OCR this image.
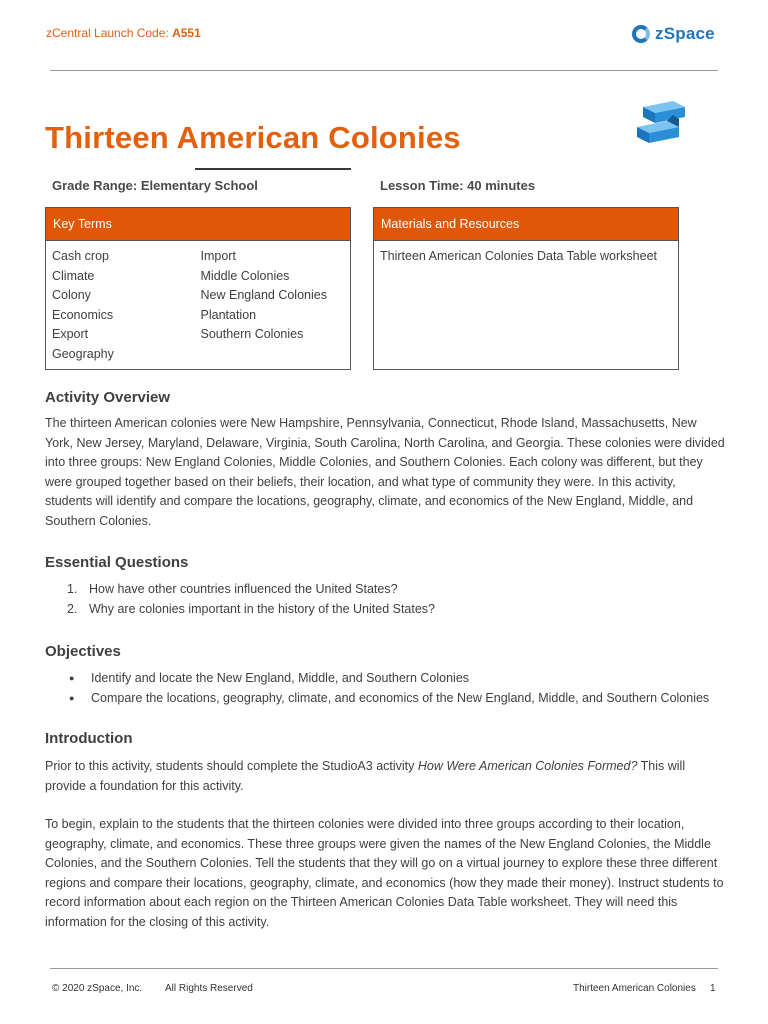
zCentral Launch Code: A551	zSpace
Thirteen American Colonies
Grade Range: Elementary School	Lesson Time: 40 minutes
Key Terms
Cash crop
Climate
Colony
Economics
Export
Geography
Import
Middle Colonies
New England Colonies
Plantation
Southern Colonies
Materials and Resources
Thirteen American Colonies Data Table worksheet
Activity Overview

The thirteen American colonies were New Hampshire, Pennsylvania, Connecticut, Rhode Island, Massachusetts, New York, New Jersey, Maryland, Delaware, Virginia, South Carolina, North Carolina, and Georgia. These colonies were divided into three groups: New England Colonies, Middle Colonies, and Southern Colonies. Each colony was different, but they were grouped together based on their beliefs, their location, and what type of community they were. In this activity, students will identify and compare the locations, geography, climate, and economics of the New England, Middle, and Southern Colonies.

Essential Questions
1. How have other countries influenced the United States?
2. Why are colonies important in the history of the United States?
Objectives
●	Identify and locate the New England, Middle, and Southern Colonies
●	Compare the locations, geography, climate, and economics of the New England, Middle, and Southern Colonies
Introduction

Prior to this activity, students should complete the StudioA3 activity How Were American Colonies Formed? This will provide a foundation for this activity.

To begin, explain to the students that the thirteen colonies were divided into three groups according to their location, geography, climate, and economics. These three groups were given the names of the New England Colonies, the Middle Colonies, and the Southern Colonies. Tell the students that they will go on a virtual journey to explore these three different regions and compare their locations, geography, climate, and economics (how they made their money). Instruct students to record information about each region on the Thirteen American Colonies Data Table worksheet. They will need this information for the closing of this activity.

© 2020 zSpace, Inc. All Rights Reserved	Thirteen American Colonies 1
